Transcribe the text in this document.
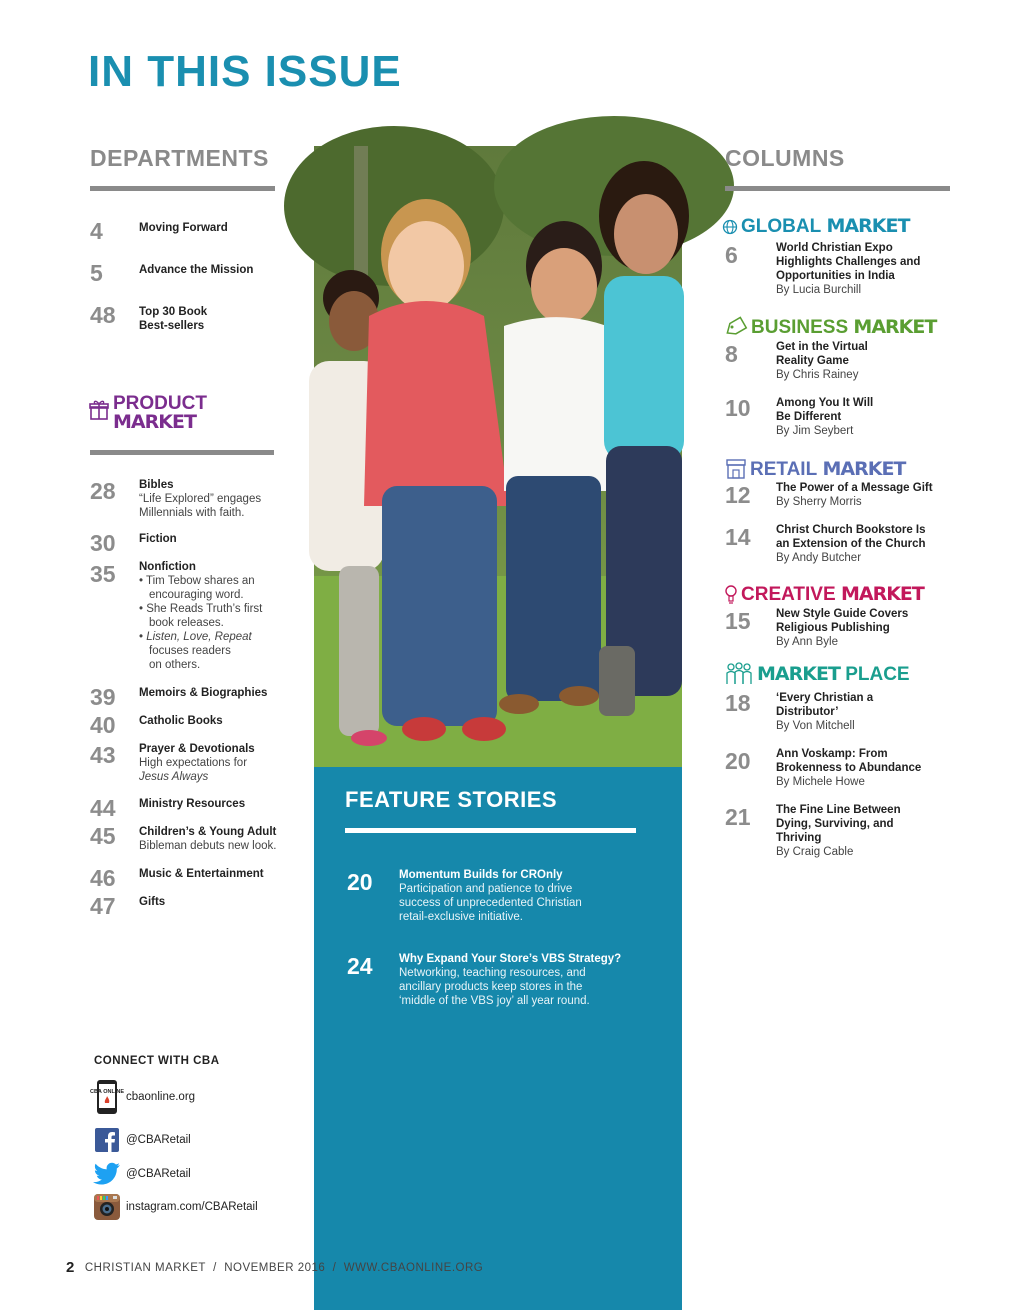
IN THIS ISSUE
DEPARTMENTS
4	Moving Forward
5	Advance the Mission
48 Top 30 Book
Best-sellers
PRODUCT
MARKET
28 Bibles
“Life Explored” engages
Millennials with faith.
30 Fiction
35 Nonfiction
• Tim Tebow shares an
encouraging word.
• She Reads Truth’s first
book releases.
• Listen, Love, Repeat
focuses readers
on others.
39 Memoirs & Biographies
40 Catholic Books
43 Prayer & Devotionals
High expectations for
Jesus Always
44 Ministry Resources
45 Children’s & Young Adult
Bibleman debuts new look.
46 Music & Entertainment
47 Gifts
CONNECT WITH CBA
CBA ONLINE cbaonline.org
@CBARetail
@CBARetail
instagram.com/CBARetail
FEATURE STORIES
20 Momentum Builds for CROnly
Participation and patience to drive
success of unprecedented Christian
retail-exclusive initiative.
24 Why Expand Your Store’s VBS Strategy?
Networking, teaching resources, and
ancillary products keep stores in the
‘middle of the VBS joy’ all year round.
COLUMNS
GLOBAL
MARKET
6	World Christian Expo
Highlights Challenges and
Opportunities in India
By Lucia Burchill
BUSINESS
MARKET
8	Get in the Virtual
Reality Game
By Chris Rainey
10 Among You It Will
Be Different
By Jim Seybert
RETAIL
MARKET
12 The Power of a Message Gift
By Sherry Morris
14 Christ Church Bookstore Is
an Extension of the Church
By Andy Butcher
CREATIVE
MARKET
15 New Style Guide Covers
Religious Publishing
By Ann Byle
MARKET
PLACE
18 ‘Every Christian a
Distributor’
By Von Mitchell
20 Ann Voskamp: From
Brokenness to Abundance
By Michele Howe
21 The Fine Line Between
Dying, Surviving, and
Thriving
By Craig Cable
2 CHRISTIAN MARKET  /  NOVEMBER 2016  /  WWW.CBAONLINE.ORG
